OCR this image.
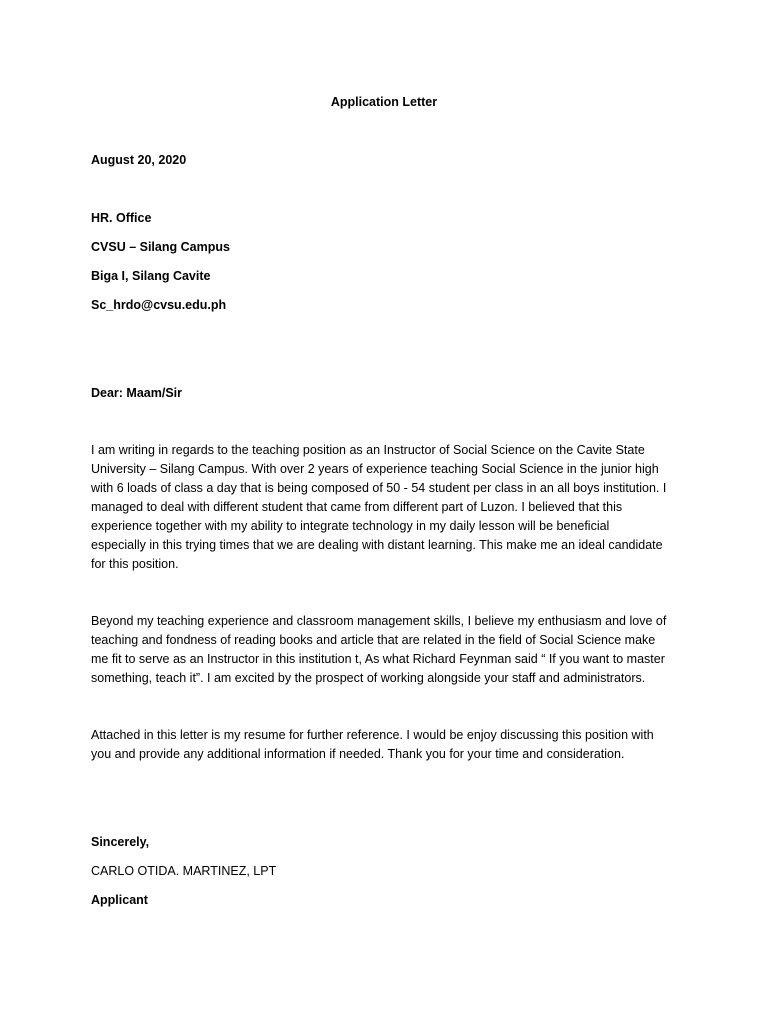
Application Letter
August 20, 2020
HR. Office
CVSU – Silang Campus
Biga I, Silang Cavite
Sc_hrdo@cvsu.edu.ph
Dear: Maam/Sir
I am writing in regards to the teaching position as an Instructor of Social Science on the Cavite State
University – Silang Campus. With over 2 years of experience teaching Social Science in the junior high
with 6 loads of class a day that is being composed of 50 - 54 student per class in an all boys institution. I
managed to deal with different student that came from different part of Luzon. I believed that this
experience together with my ability to integrate technology in my daily lesson will be beneficial
especially in this trying times that we are dealing with distant learning. This make me an ideal candidate
for this position.
Beyond my teaching experience and classroom management skills, I believe my enthusiasm and love of
teaching and fondness of reading books and article that are related in the field of Social Science make
me fit to serve as an Instructor in this institution t, As what Richard Feynman said “ If you want to master
something, teach it”. I am excited by the prospect of working alongside your staff and administrators.
Attached in this letter is my resume for further reference. I would be enjoy discussing this position with
you and provide any additional information if needed. Thank you for your time and consideration.
Sincerely,
CARLO OTIDA. MARTINEZ, LPT
Applicant
